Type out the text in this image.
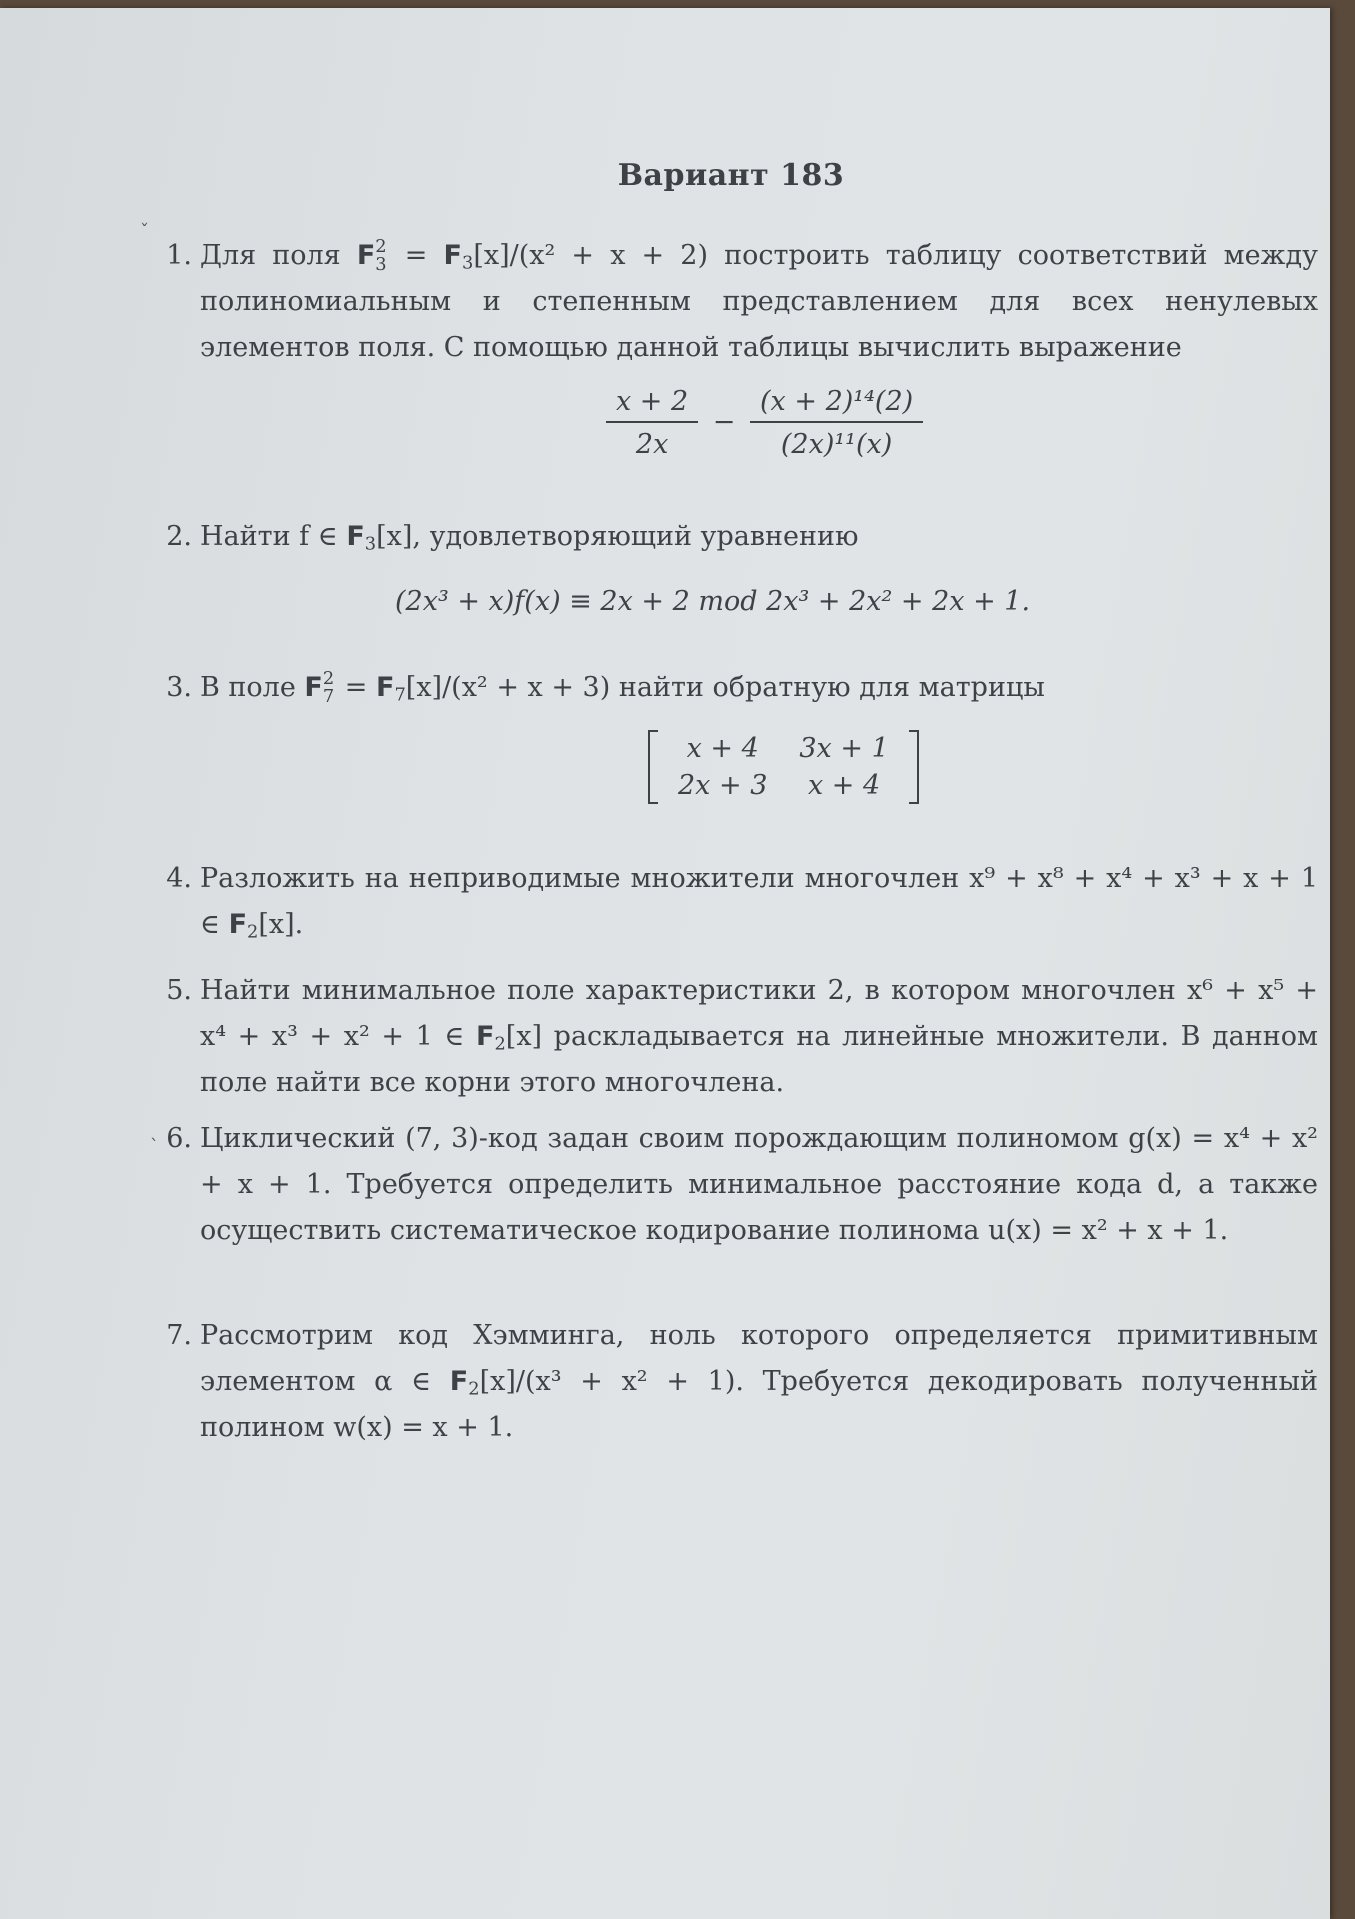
Вариант 183
1. Для поля F 2
$3 = F_3[x]/(x^2 + x + 2)$ построить таблицу соответствий между полиномиальным и степенным представлением для всех ненулевых элементов поля. С помощью данной таблицы вычислить выражение
$\frac{x + 2}{2x} - \frac{\text{(x + 2)¹⁴(2)}}{\text{(2x)¹¹(x)}}$
2. Найти f ∈ $F_3[x]$, удовлетворяющий уравнению
(2x³ + x)f(x) ≡ 2x + 2 mod 2x³ + 2x² + 2x + 1.
3. В поле F 2
$7 = F_7[x]/(x^2 + x + 3)$ найти обратную для матрицы
x + 4	3x + 1
2x + 3	x + 4
4. Разложить на неприводимые множители многочлен x⁹ + x⁸ + x⁴ + x³ + x + 1 ∈ $F_2[x]$.
5. Найти минимальное поле характеристики 2, в котором многочлен x⁶ + x⁵ + x⁴ + x³ + x² + 1 ∈ $F_2[x]$ раскладывается на линейные множители. В данном поле найти все корни этого многочлена.
6. Циклический (7, 3)-код задан своим порождающим полиномом g(x) = x⁴ + x² + x + 1. Требуется определить минимальное расстояние кода d, а также осуществить систематическое кодирование полинома u(x) = x² + x + 1.
7. Рассмотрим код Хэмминга, ноль которого определяется примитивным элементом α ∈ $F_2[x]/(x^3 + x^2 + 1)$. Требуется декодировать полученный полином w(x) = x + 1.
ˇ
ˋ
